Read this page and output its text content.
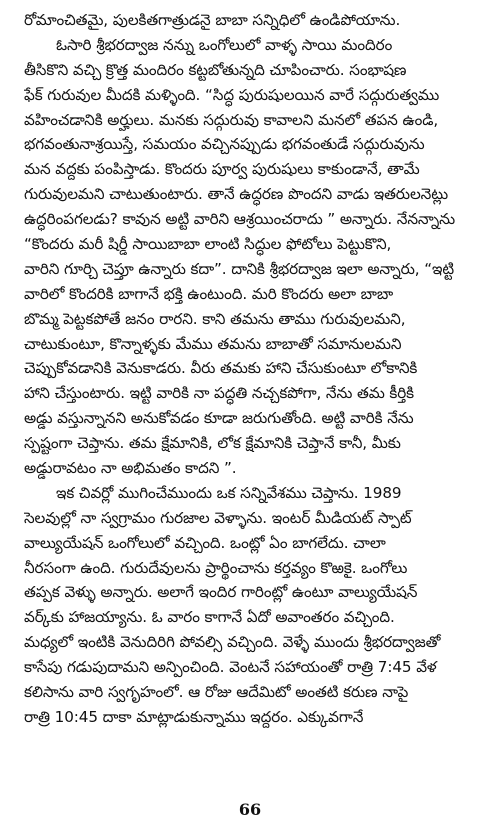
రోమాంచితమై, పులకితగాత్రుడనై బాబా సన్నిధిలో ఉండిపోయాను.
ఓసారి శ్రీభరద్వాజ నన్ను ఒంగోలులో వాళ్ళ సాయి మందిరం
తీసికొని వచ్చి క్రొత్త మందిరం కట్టబోతున్నది చూపించారు. సంభాషణ
ఫేక్ గురువుల మీదకి మళ్ళింది. “సిద్ధ పురుషులయిన వారే సద్గురుత్వము
వహించడానికి అర్హులు. మనకు సద్గురువు కావాలని మనలో తపన ఉండి,
భగవంతునాశ్రయిస్తే, సమయం వచ్చినప్పుడు భగవంతుడే సద్గురువును
మన వద్దకు పంపిస్తాడు. కొందరు పూర్వ పురుషులు కాకుండానే, తామే
గురువులమని చాటుతుంటారు. తానే ఉద్ధరణ పొందని వాడు ఇతరులనెట్లు
ఉద్ధరింపగలడు? కావున అట్టి వారిని ఆశ్రయించరాదు ” అన్నారు. నేనన్నాను
“కొందరు మరీ షిర్డీ సాయిబాబా లాంటి సిద్ధుల ఫోటోలు పెట్టుకొని,
వారిని గూర్చి చెప్తూ ఉన్నారు కదా”. దానికి శ్రీభరద్వాజ ఇలా అన్నారు, “ఇట్టి
వారిలో కొందరికి బాగానే భక్తి ఉంటుంది. మరి కొందరు అలా బాబా
బొమ్మ పెట్టకపోతే జనం రారని. కాని తమను తాము గురువులమని,
చాటుకుంటూ, కొన్నాళ్ళకు మేము తమను బాబాతో సమానులమని
చెప్పుకోవడానికి వెనుకాడరు. వీరు తమకు హాని చేసుకుంటూ లోకానికి
హాని చేస్తుంటారు. ఇట్టి వారికి నా పద్ధతి నచ్చకపోగా, నేను తమ కీర్తికి
అడ్డు వస్తున్నానని అనుకోవడం కూడా జరుగుతోంది. అట్టి వారికి నేను
స్పష్టంగా చెప్తాను. తమ క్షేమానికి, లోక క్షేమానికి చెప్తానే కానీ, మీకు
అడ్డురావటం నా అభిమతం కాదని ”.
ఇక చివర్లో ముగించేముందు ఒక సన్నివేశము చెప్తాను. 1989
సెలవుల్లో నా స్వగ్రామం గురజాల వెళ్ళాను. ఇంటర్ మీడియట్ స్పాట్
వాల్యుయేషన్ ఒంగోలులో వచ్చింది. ఒంట్లో ఏం బాగలేదు. చాలా
నీరసంగా ఉంది. గురుదేవులను ప్రార్థించాను కర్తవ్యం కొఱకై. ఒంగోలు
తప్పక వెళ్ళు అన్నారు. అలాగే ఇందిర గారింట్లో ఉంటూ వాల్యుయేషన్
వర్క్‌కు హాజయ్యాను. ఓ వారం కాగానే ఏదో అవాంతరం వచ్చింది.
మధ్యలో ఇంటికి వెనుదిరిగి పోవల్సి వచ్చింది. వెళ్ళే ముందు శ్రీభరద్వాజతో
కాసేపు గడుపుదామని అన్పించింది. వెంటనే సహాయంతో రాత్రి 7:45 వేళ
కలిసాను వారి స్వగృహంలో. ఆ రోజు ఆదేమిటో అంతటి కరుణ నాపై
రాత్రి 10:45 దాకా మాట్లాడుకున్నాము ఇద్దరం. ఎక్కువగానే
66
